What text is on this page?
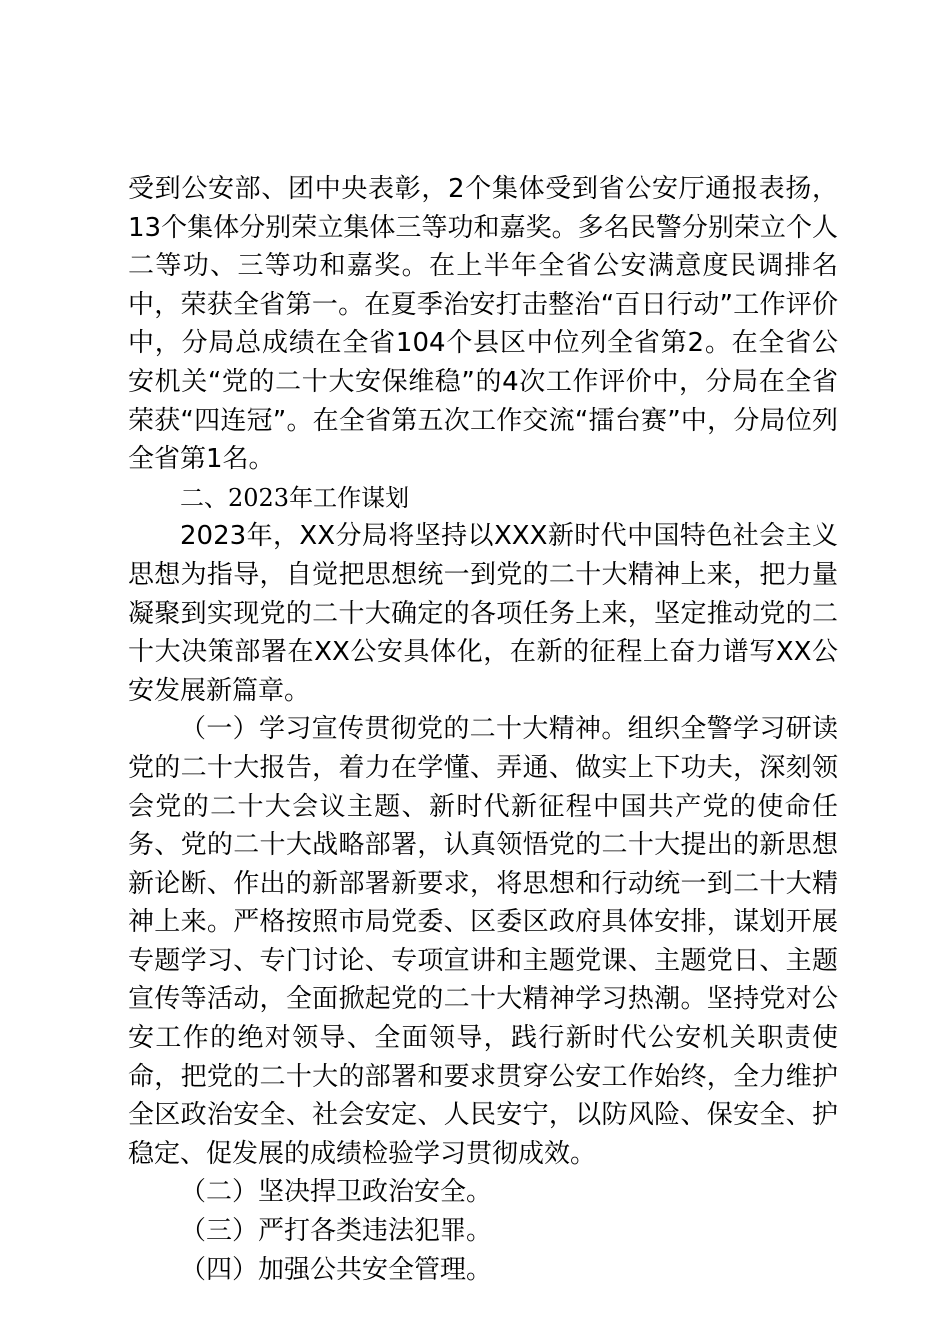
受到公安部、团中央表彰，2个集体受到省公安厅通报表扬，13个集体分别荣立集体三等功和嘉奖。多名民警分别荣立个人二等功、三等功和嘉奖。在上半年全省公安满意度民调排名中，荣获全省第一。在夏季治安打击整治“百日行动”工作评价中，分局总成绩在全省104个县区中位列全省第2。在全省公安机关“党的二十大安保维稳”的4次工作评价中，分局在全省荣获“四连冠”。在全省第五次工作交流“擂台赛”中，分局位列全省第1名。

二、2023年工作谋划

2023年，XX分局将坚持以XXX新时代中国特色社会主义思想为指导，自觉把思想统一到党的二十大精神上来，把力量凝聚到实现党的二十大确定的各项任务上来，坚定推动党的二十大决策部署在XX公安具体化，在新的征程上奋力谱写XX公安发展新篇章。

（一）学习宣传贯彻党的二十大精神。组织全警学习研读党的二十大报告，着力在学懂、弄通、做实上下功夫，深刻领会党的二十大会议主题、新时代新征程中国共产党的使命任务、党的二十大战略部署，认真领悟党的二十大提出的新思想新论断、作出的新部署新要求，将思想和行动统一到二十大精神上来。严格按照市局党委、区委区政府具体安排，谋划开展专题学习、专门讨论、专项宣讲和主题党课、主题党日、主题宣传等活动，全面掀起党的二十大精神学习热潮。坚持党对公安工作的绝对领导、全面领导，践行新时代公安机关职责使命，把党的二十大的部署和要求贯穿公安工作始终，全力维护全区政治安全、社会安定、人民安宁，以防风险、保安全、护稳定、促发展的成绩检验学习贯彻成效。

（二）坚决捍卫政治安全。

（三）严打各类违法犯罪。

（四）加强公共安全管理。
